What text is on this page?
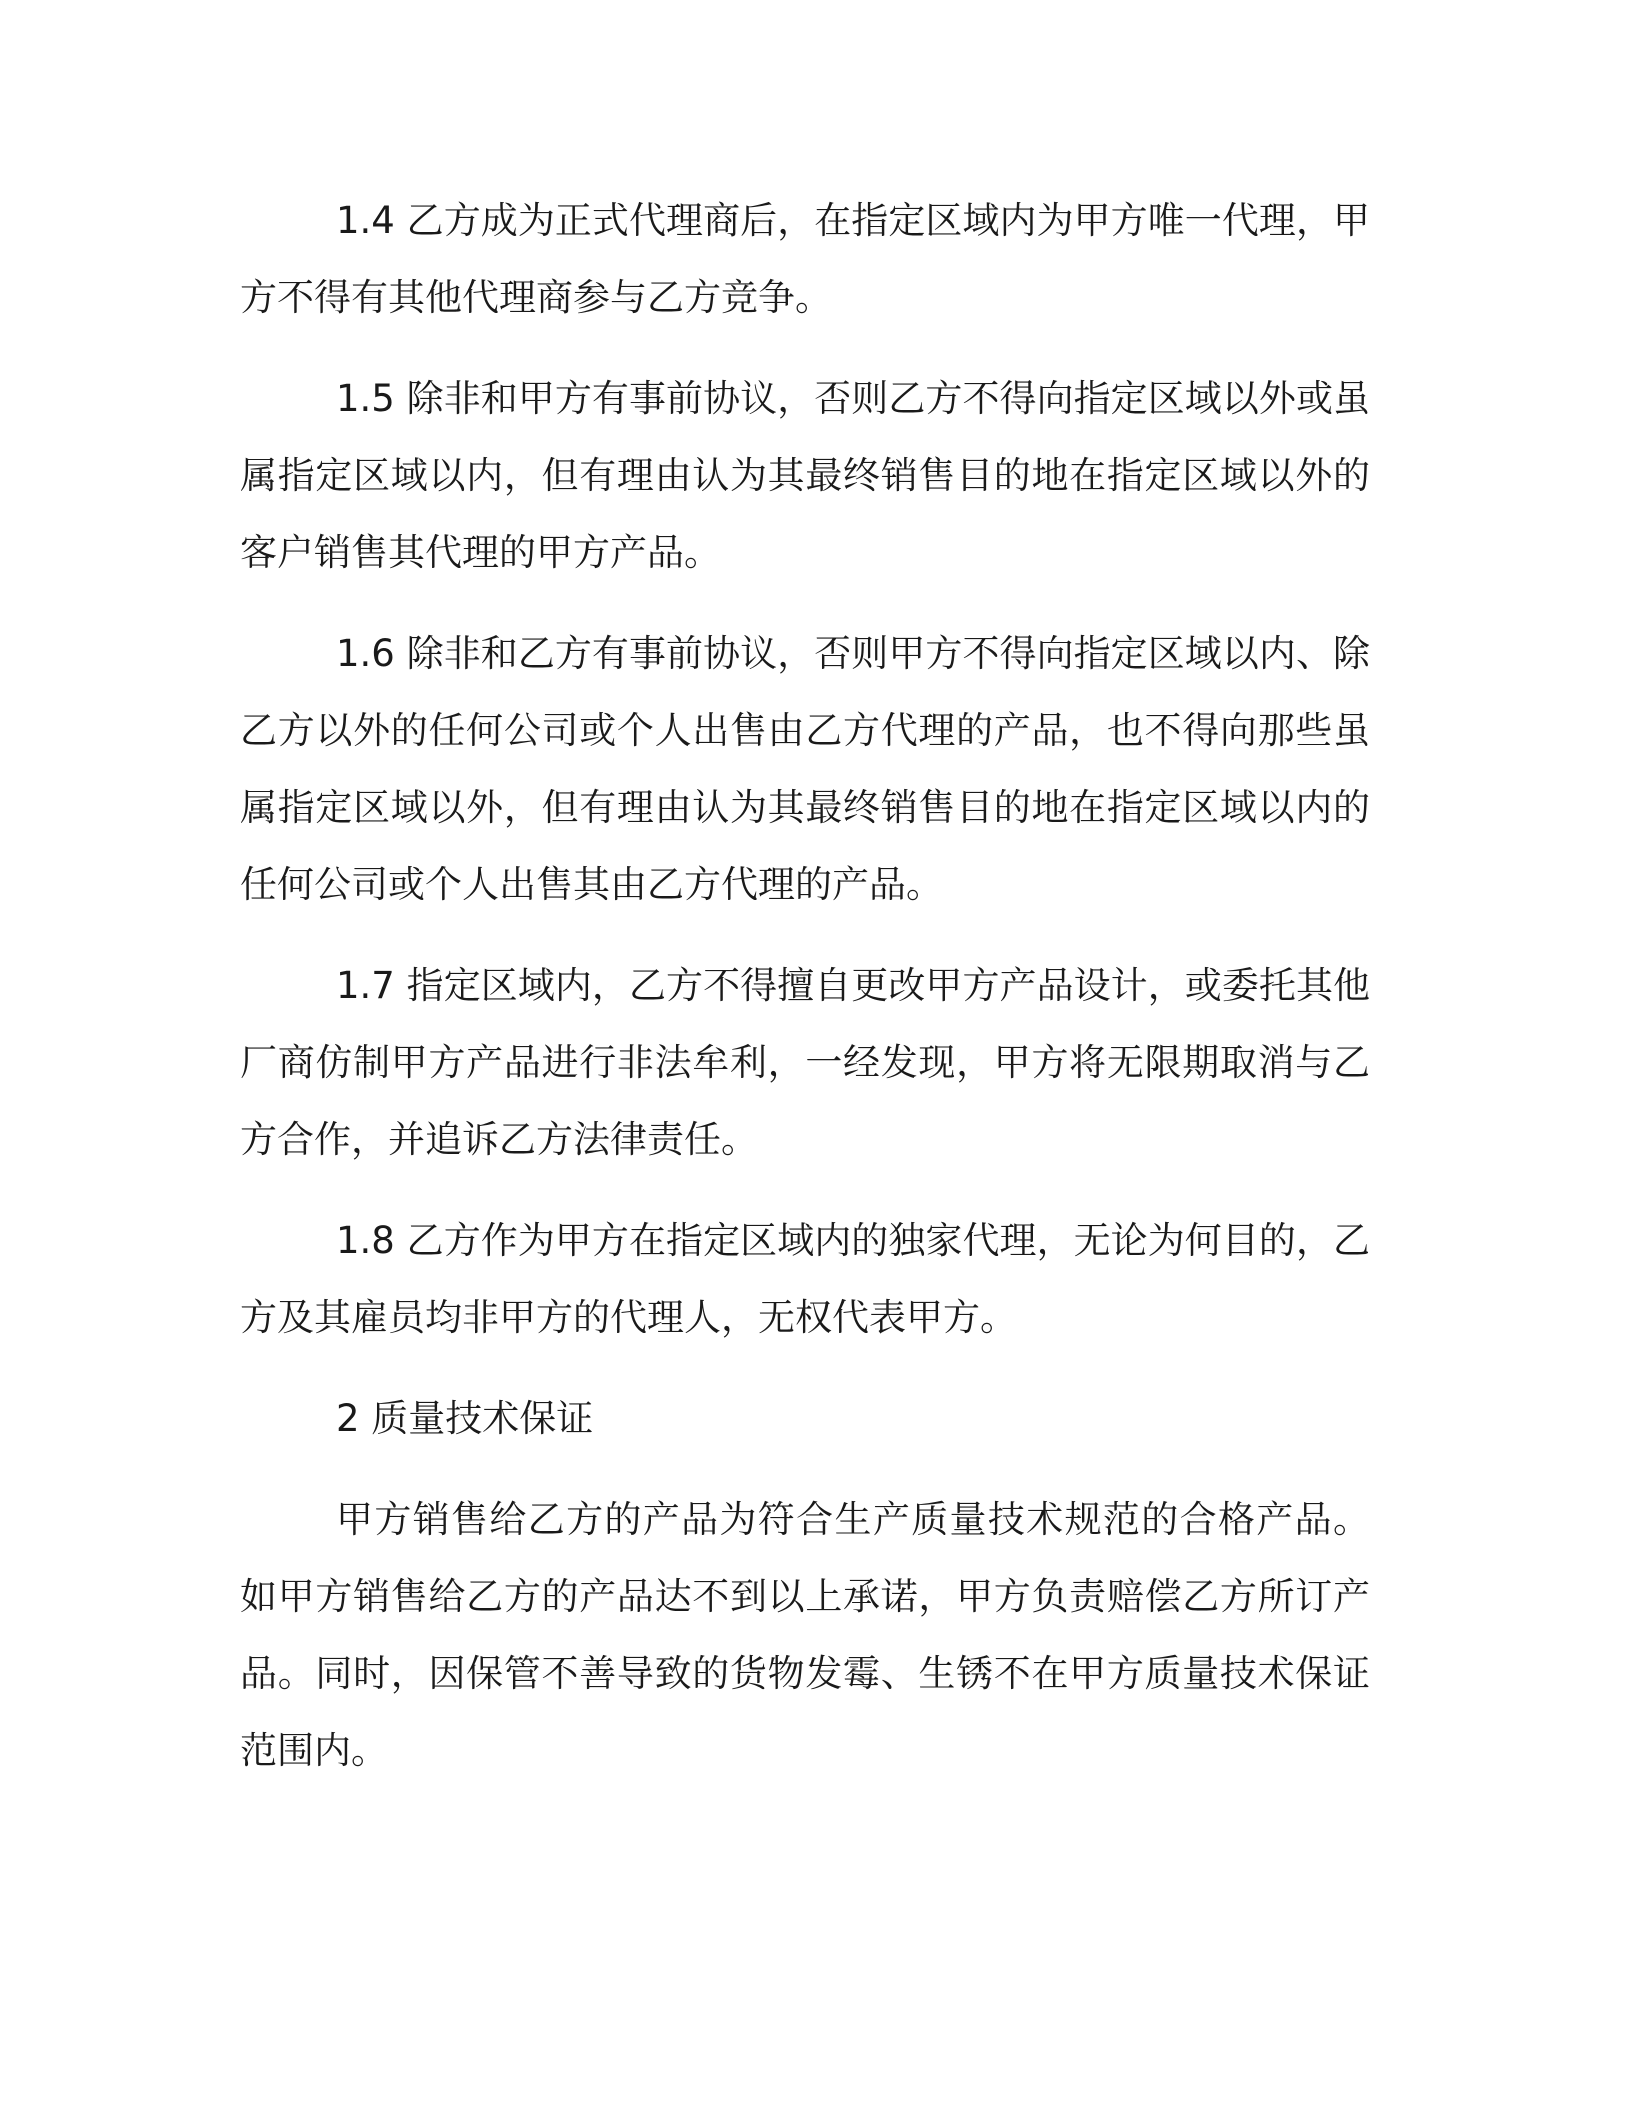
1.4 乙方成为正式代理商后，在指定区域内为甲方唯一代理，甲方不得有其他代理商参与乙方竞争。

1.5 除非和甲方有事前协议，否则乙方不得向指定区域以外或虽属指定区域以内，但有理由认为其最终销售目的地在指定区域以外的客户销售其代理的甲方产品。

1.6 除非和乙方有事前协议，否则甲方不得向指定区域以内、除乙方以外的任何公司或个人出售由乙方代理的产品，也不得向那些虽属指定区域以外，但有理由认为其最终销售目的地在指定区域以内的任何公司或个人出售其由乙方代理的产品。

1.7 指定区域内，乙方不得擅自更改甲方产品设计，或委托其他厂商仿制甲方产品进行非法牟利，一经发现，甲方将无限期取消与乙方合作，并追诉乙方法律责任。

1.8 乙方作为甲方在指定区域内的独家代理，无论为何目的，乙方及其雇员均非甲方的代理人，无权代表甲方。

2 质量技术保证

甲方销售给乙方的产品为符合生产质量技术规范的合格产品。如甲方销售给乙方的产品达不到以上承诺，甲方负责赔偿乙方所订产品。同时，因保管不善导致的货物发霉、生锈不在甲方质量技术保证范围内。
